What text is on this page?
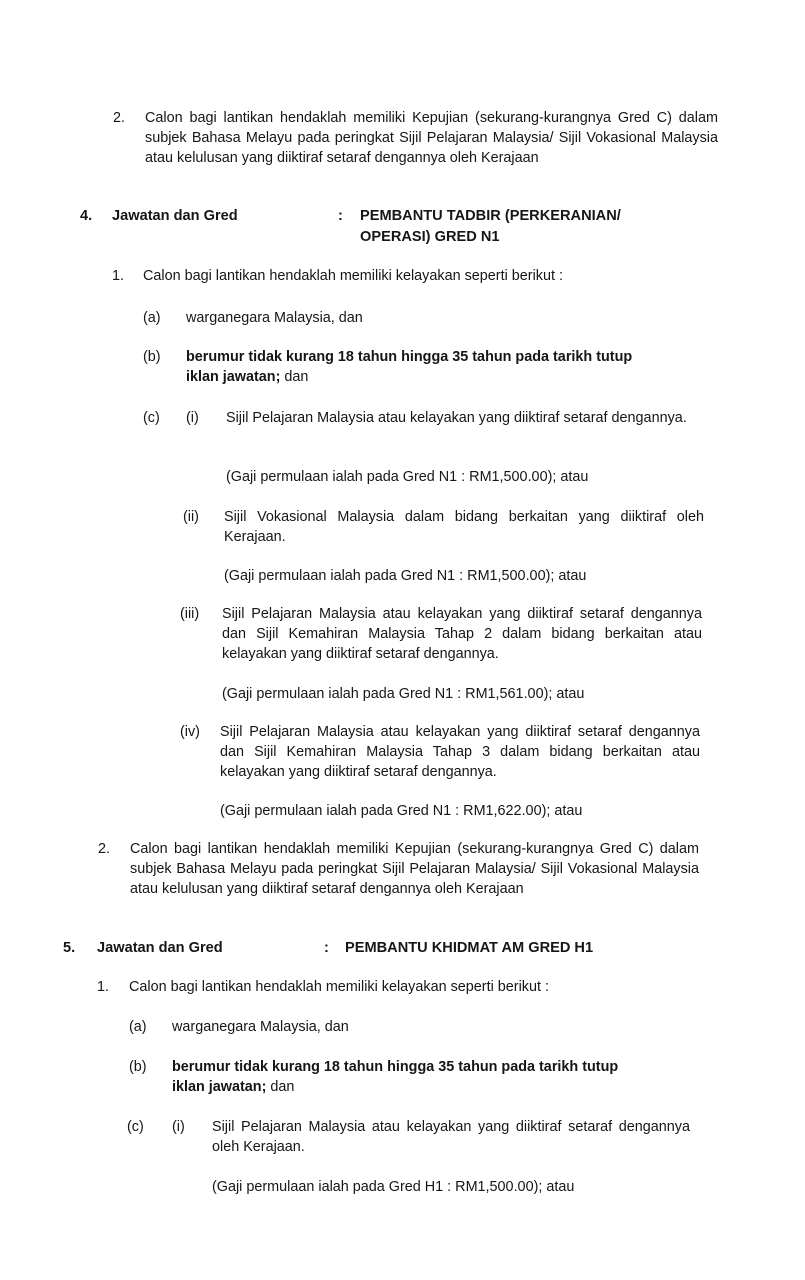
2. Calon bagi lantikan hendaklah memiliki Kepujian (sekurang-kurangnya Gred C) dalam subjek Bahasa Melayu pada peringkat Sijil Pelajaran Malaysia/ Sijil Vokasional Malaysia atau kelulusan yang diiktiraf setaraf dengannya oleh Kerajaan
4. Jawatan dan Gred	: PEMBANTU TADBIR (PERKERANIAN/
OPERASI) GRED N1
1. Calon bagi lantikan hendaklah memiliki kelayakan seperti berikut :
(a) warganegara Malaysia, dan
(b) berumur tidak kurang 18 tahun hingga 35 tahun pada tarikh tutup
iklan jawatan; dan
(c) (i) Sijil Pelajaran Malaysia atau kelayakan yang diiktiraf setaraf dengannya.
(Gaji permulaan ialah pada Gred N1 : RM1,500.00); atau
(ii) Sijil Vokasional Malaysia dalam bidang berkaitan yang diiktiraf oleh Kerajaan.
(Gaji permulaan ialah pada Gred N1 : RM1,500.00); atau
(iii) Sijil Pelajaran Malaysia atau kelayakan yang diiktiraf setaraf dengannya dan Sijil Kemahiran Malaysia Tahap 2 dalam bidang berkaitan atau kelayakan yang diiktiraf setaraf dengannya.
(Gaji permulaan ialah pada Gred N1 : RM1,561.00); atau
(iv) Sijil Pelajaran Malaysia atau kelayakan yang diiktiraf setaraf dengannya dan Sijil Kemahiran Malaysia Tahap 3 dalam bidang berkaitan atau kelayakan yang diiktiraf setaraf dengannya.
(Gaji permulaan ialah pada Gred N1 : RM1,622.00); atau
2. Calon bagi lantikan hendaklah memiliki Kepujian (sekurang-kurangnya Gred C) dalam subjek Bahasa Melayu pada peringkat Sijil Pelajaran Malaysia/ Sijil Vokasional Malaysia atau kelulusan yang diiktiraf setaraf dengannya oleh Kerajaan
5. Jawatan dan Gred	: PEMBANTU KHIDMAT AM GRED H1
1. Calon bagi lantikan hendaklah memiliki kelayakan seperti berikut :
(a) warganegara Malaysia, dan
(b) berumur tidak kurang 18 tahun hingga 35 tahun pada tarikh tutup
iklan jawatan; dan
(c) (i) Sijil Pelajaran Malaysia atau kelayakan yang diiktiraf setaraf dengannya oleh Kerajaan.
(Gaji permulaan ialah pada Gred H1 : RM1,500.00); atau
